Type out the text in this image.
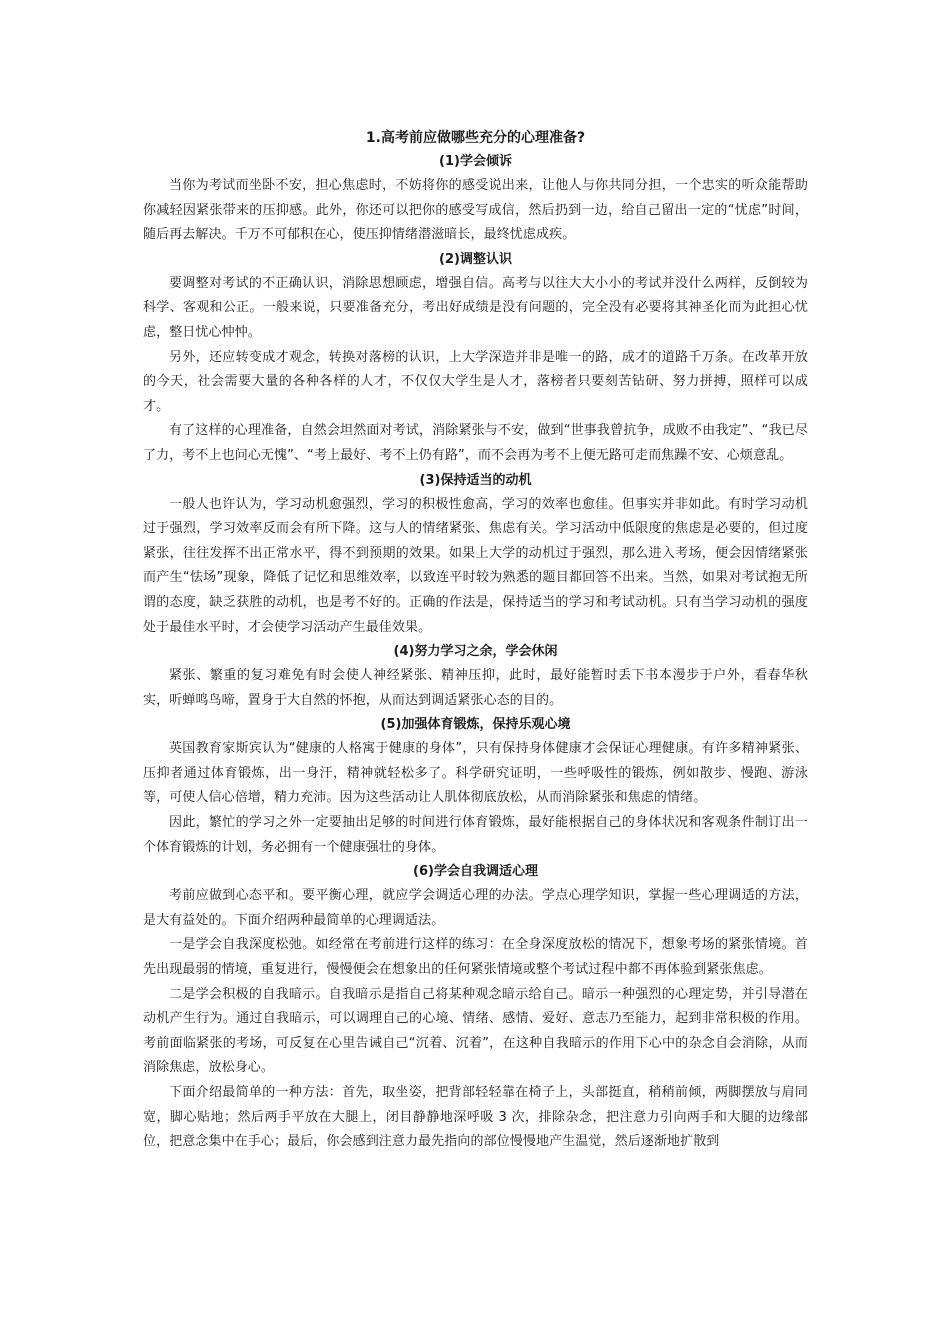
1.高考前应做哪些充分的心理准备?
(1)学会倾诉

当你为考试而坐卧不安，担心焦虑时，不妨将你的感受说出来，让他人与你共同分担，一个忠实的听众能帮助你减轻因紧张带来的压抑感。此外，你还可以把你的感受写成信，然后扔到一边，给自己留出一定的“忧虑”时间，随后再去解决。千万不可郁积在心，使压抑情绪潜滋暗长，最终忧虑成疾。

(2)调整认识

要调整对考试的不正确认识，消除思想顾虑，增强自信。高考与以往大大小小的考试并没什么两样，反倒较为科学、客观和公正。一般来说，只要准备充分，考出好成绩是没有问题的，完全没有必要将其神圣化而为此担心忧虑，整日忧心忡忡。

另外，还应转变成才观念，转换对落榜的认识，上大学深造并非是唯一的路，成才的道路千万条。在改革开放的今天，社会需要大量的各种各样的人才，不仅仅大学生是人才，落榜者只要刻苦钻研、努力拼搏，照样可以成才。

有了这样的心理准备，自然会坦然面对考试，消除紧张与不安，做到“世事我曾抗争，成败不由我定”、“我已尽了力，考不上也问心无愧”、“考上最好、考不上仍有路”，而不会再为考不上便无路可走而焦躁不安、心烦意乱。

(3)保持适当的动机

一般人也许认为，学习动机愈强烈，学习的积极性愈高，学习的效率也愈佳。但事实并非如此。有时学习动机过于强烈，学习效率反而会有所下降。这与人的情绪紧张、焦虑有关。学习活动中低限度的焦虑是必要的，但过度紧张，往往发挥不出正常水平，得不到预期的效果。如果上大学的动机过于强烈，那么进入考场，便会因情绪紧张而产生“怯场”现象，降低了记忆和思维效率，以致连平时较为熟悉的题目都回答不出来。当然，如果对考试抱无所谓的态度，缺乏获胜的动机，也是考不好的。正确的作法是，保持适当的学习和考试动机。只有当学习动机的强度处于最佳水平时，才会使学习活动产生最佳效果。

(4)努力学习之余，学会休闲

紧张、繁重的复习难免有时会使人神经紧张、精神压抑，此时，最好能暂时丢下书本漫步于户外，看春华秋实，听蝉鸣鸟啼，置身于大自然的怀抱，从而达到调适紧张心态的目的。

(5)加强体育锻炼，保持乐观心境

英国教育家斯宾认为“健康的人格寓于健康的身体”，只有保持身体健康才会保证心理健康。有许多精神紧张、压抑者通过体育锻炼，出一身汗，精神就轻松多了。科学研究证明，一些呼吸性的锻炼，例如散步、慢跑、游泳等，可使人信心倍增，精力充沛。因为这些活动让人肌体彻底放松，从而消除紧张和焦虑的情绪。

因此，繁忙的学习之外一定要抽出足够的时间进行体育锻炼，最好能根据自己的身体状况和客观条件制订出一个体育锻炼的计划，务必拥有一个健康强壮的身体。

(6)学会自我调适心理

考前应做到心态平和。要平衡心理，就应学会调适心理的办法。学点心理学知识，掌握一些心理调适的方法，是大有益处的。下面介绍两种最简单的心理调适法。

一是学会自我深度松弛。如经常在考前进行这样的练习：在全身深度放松的情况下，想象考场的紧张情境。首先出现最弱的情境，重复进行，慢慢便会在想象出的任何紧张情境或整个考试过程中都不再体验到紧张焦虑。

二是学会积极的自我暗示。自我暗示是指自己将某种观念暗示给自己。暗示一种强烈的心理定势，并引导潜在动机产生行为。通过自我暗示，可以调理自己的心境、情绪、感情、爱好、意志乃至能力，起到非常积极的作用。考前面临紧张的考场，可反复在心里告诫自己“沉着、沉着”，在这种自我暗示的作用下心中的杂念自会消除，从而消除焦虑，放松身心。

下面介绍最简单的一种方法：首先，取坐姿，把背部轻轻靠在椅子上，头部挺直，稍稍前倾，两脚摆放与肩同宽，脚心贴地；然后两手平放在大腿上，闭目静静地深呼吸 3 次，排除杂念，把注意力引向两手和大腿的边缘部位，把意念集中在手心；最后，你会感到注意力最先指向的部位慢慢地产生温觉，然后逐渐地扩散到
